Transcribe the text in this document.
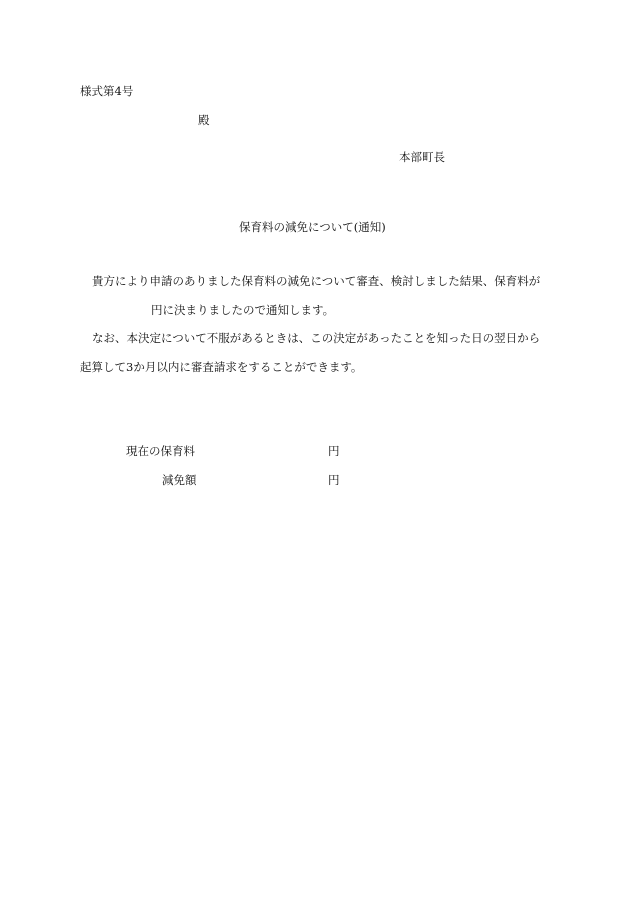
様式第4号
殿
本部町長
保育料の減免について(通知)
貴方により申請のありました保育料の減免について審査、検討しました結果、保育料が
円に決まりましたので通知します。
なお、本決定について不服があるときは、この決定があったことを知った日の翌日から
起算して3か月以内に審査請求をすることができます。
現在の保育料	円
減免額	円
